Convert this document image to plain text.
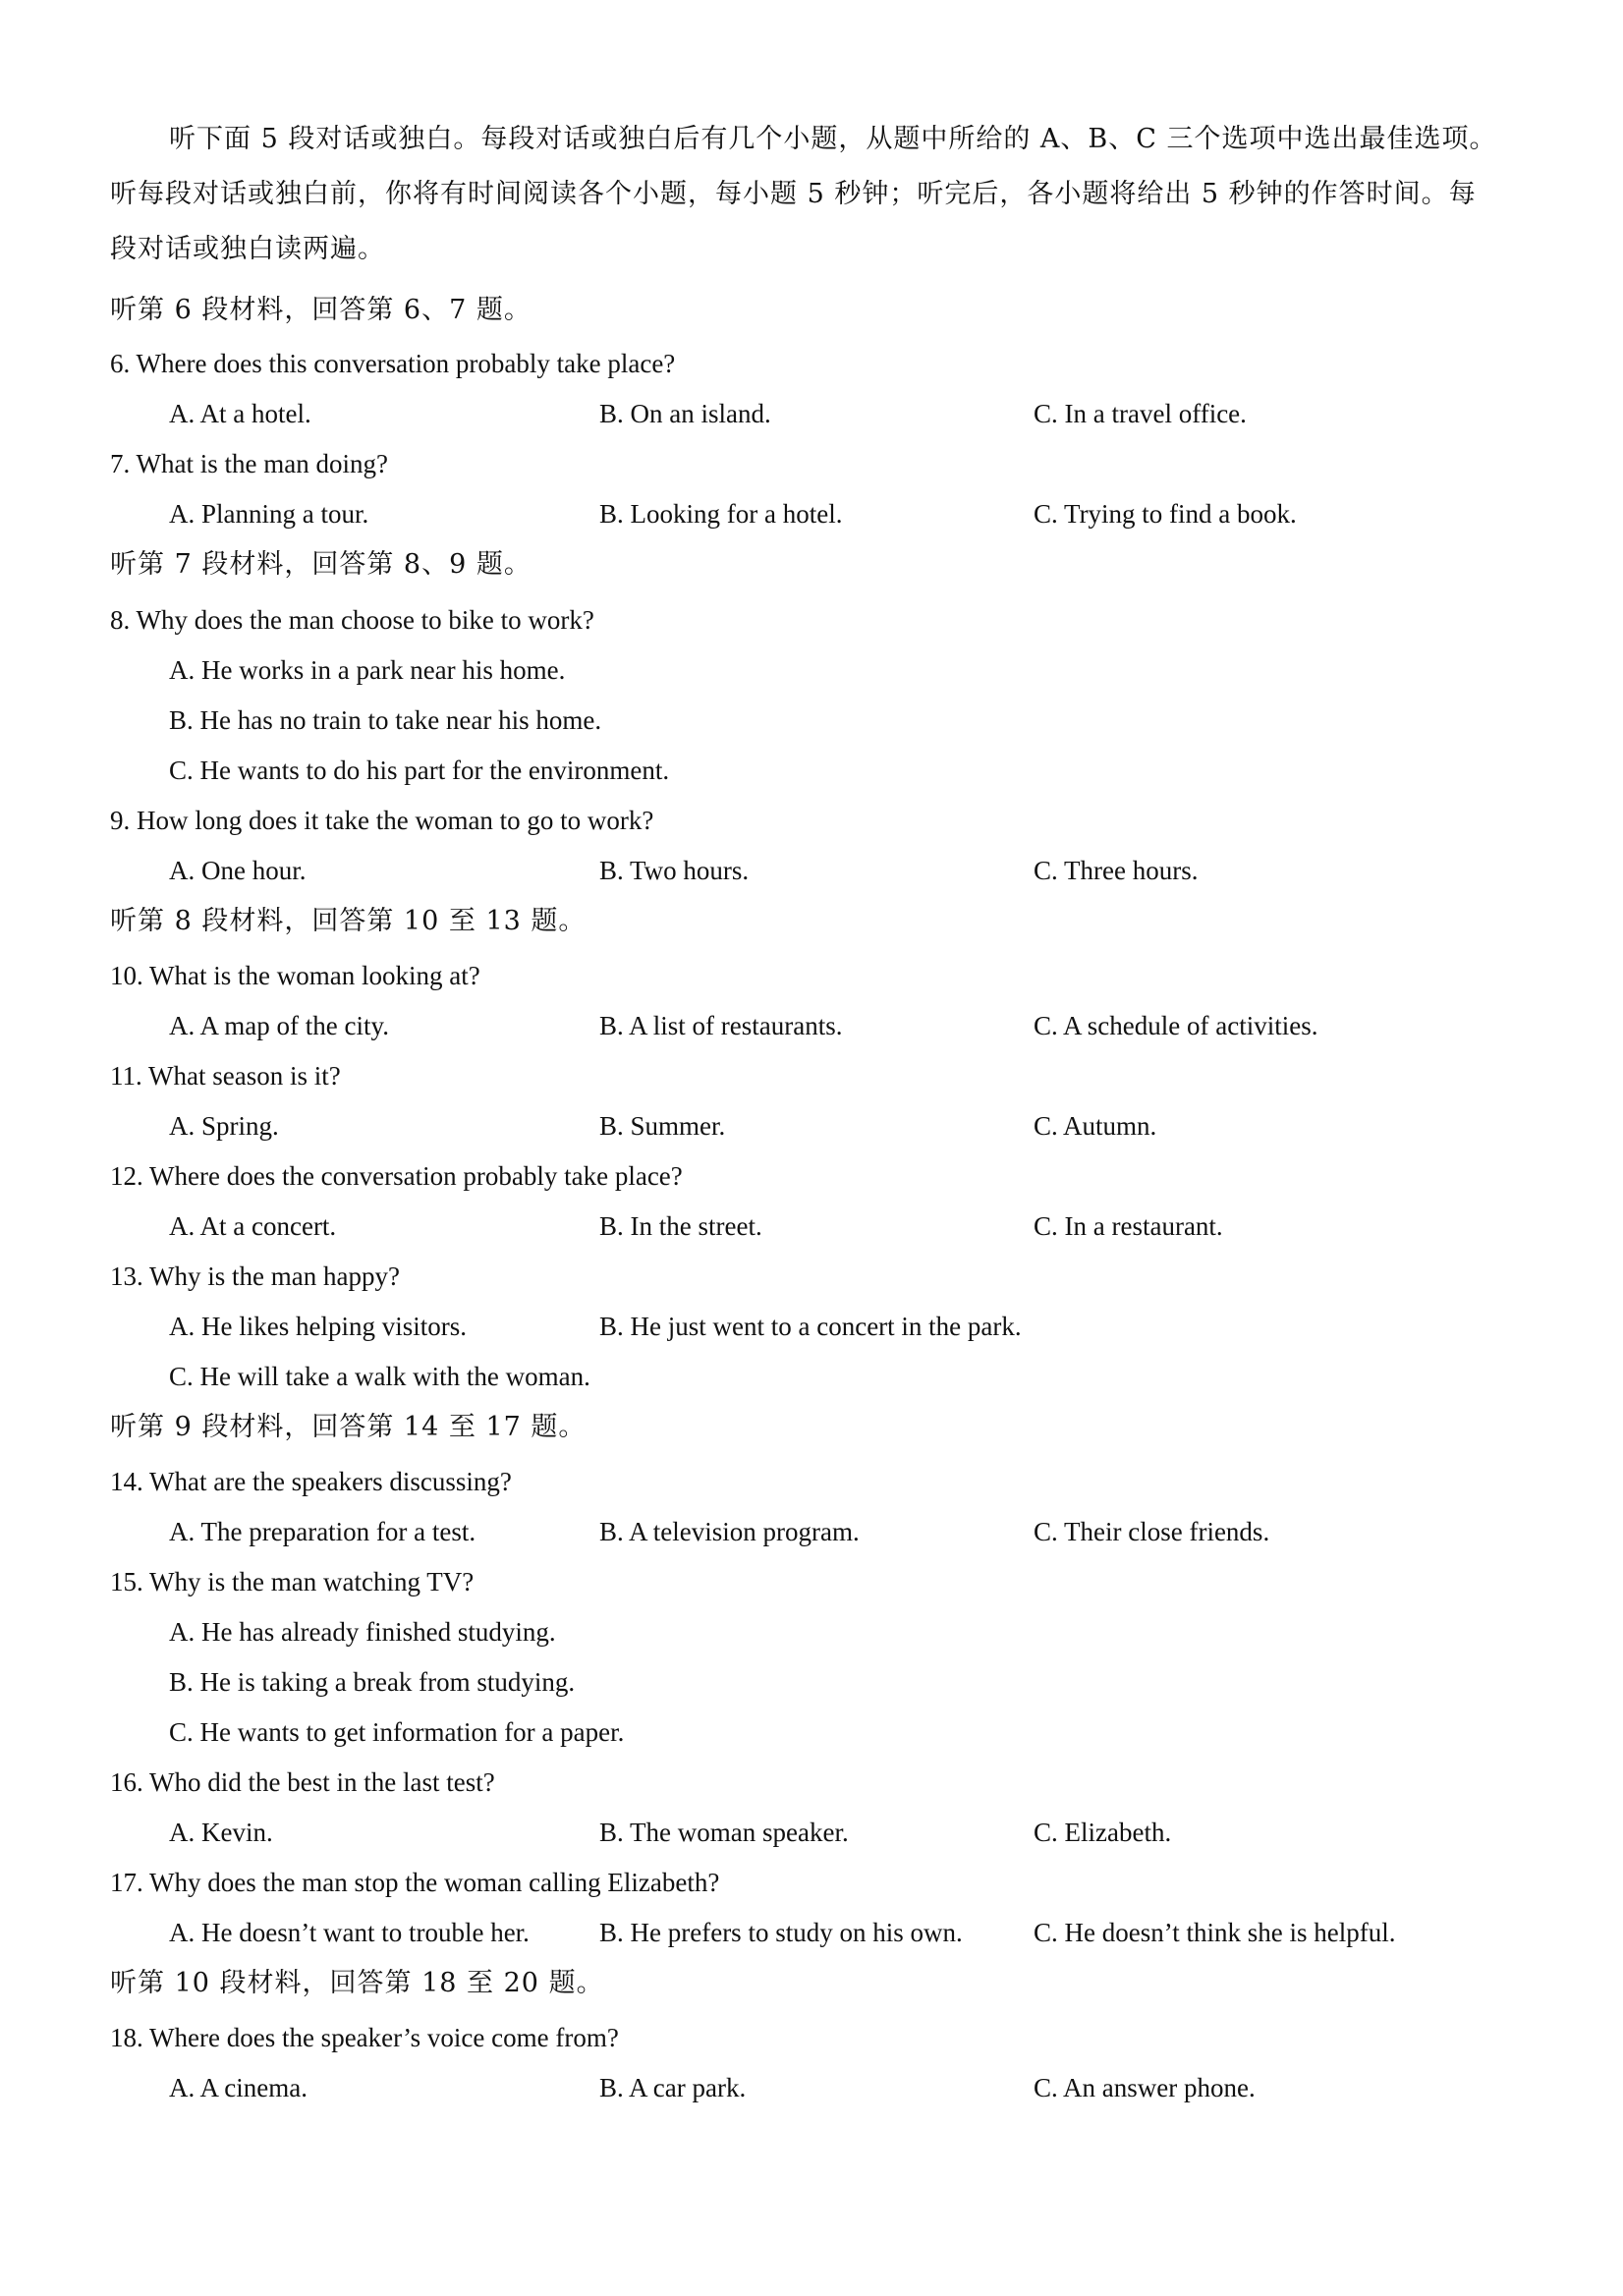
听下面 5 段对话或独白。每段对话或独白后有几个小题，从题中所给的 A、B、C 三个选项中选出最佳选项。
听每段对话或独白前，你将有时间阅读各个小题，每小题 5 秒钟；听完后，各小题将给出 5 秒钟的作答时间。每
段对话或独白读两遍。
听第 6 段材料，回答第 6、7 题。
6. Where does this conversation probably take place?
A. At a hotel.	B. On an island.	C. In a travel office.
7. What is the man doing?
A. Planning a tour.	B. Looking for a hotel.	C. Trying to find a book.
听第 7 段材料，回答第 8、9 题。
8. Why does the man choose to bike to work?
A. He works in a park near his home.
B. He has no train to take near his home.
C. He wants to do his part for the environment.
9. How long does it take the woman to go to work?
A. One hour.	B. Two hours.	C. Three hours.
听第 8 段材料，回答第 10 至 13 题。
10. What is the woman looking at?
A. A map of the city.	B. A list of restaurants.	C. A schedule of activities.
11. What season is it?
A. Spring.	B. Summer.	C. Autumn.
12. Where does the conversation probably take place?
A. At a concert.	B. In the street.	C. In a restaurant.
13. Why is the man happy?
A. He likes helping visitors.	B. He just went to a concert in the park.
C. He will take a walk with the woman.
听第 9 段材料，回答第 14 至 17 题。
14. What are the speakers discussing?
A. The preparation for a test.	B. A television program.	C. Their close friends.
15. Why is the man watching TV?
A. He has already finished studying.
B. He is taking a break from studying.
C. He wants to get information for a paper.
16. Who did the best in the last test?
A. Kevin.	B. The woman speaker.	C. Elizabeth.
17. Why does the man stop the woman calling Elizabeth?
A. He doesn’t want to trouble her.	B. He prefers to study on his own.	C. He doesn’t think she is helpful.
听第 10 段材料，回答第 18 至 20 题。
18. Where does the speaker’s voice come from?
A. A cinema.	B. A car park.	C. An answer phone.
